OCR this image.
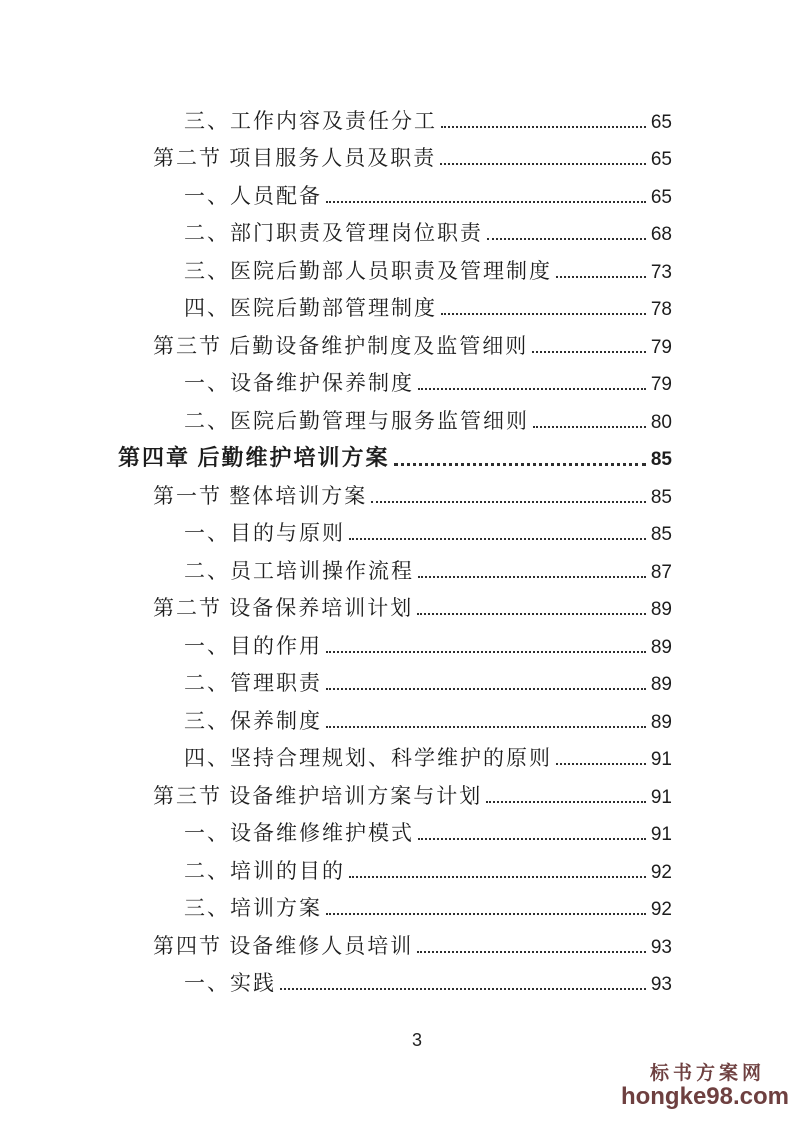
三、工作内容及责任分工	65
第二节 项目服务人员及职责	65
一、人员配备	65
二、部门职责及管理岗位职责	68
三、医院后勤部人员职责及管理制度	73
四、医院后勤部管理制度	78
第三节 后勤设备维护制度及监管细则	79
一、设备维护保养制度	79
二、医院后勤管理与服务监管细则	80
第四章 后勤维护培训方案	85
第一节 整体培训方案	85
一、目的与原则	85
二、员工培训操作流程	87
第二节 设备保养培训计划	89
一、目的作用	89
二、管理职责	89
三、保养制度	89
四、坚持合理规划、科学维护的原则	91
第三节 设备维护培训方案与计划	91
一、设备维修维护模式	91
二、培训的目的	92
三、培训方案	92
第四节 设备维修人员培训	93
一、实践	93
3
标书方案网
hongke98.com
